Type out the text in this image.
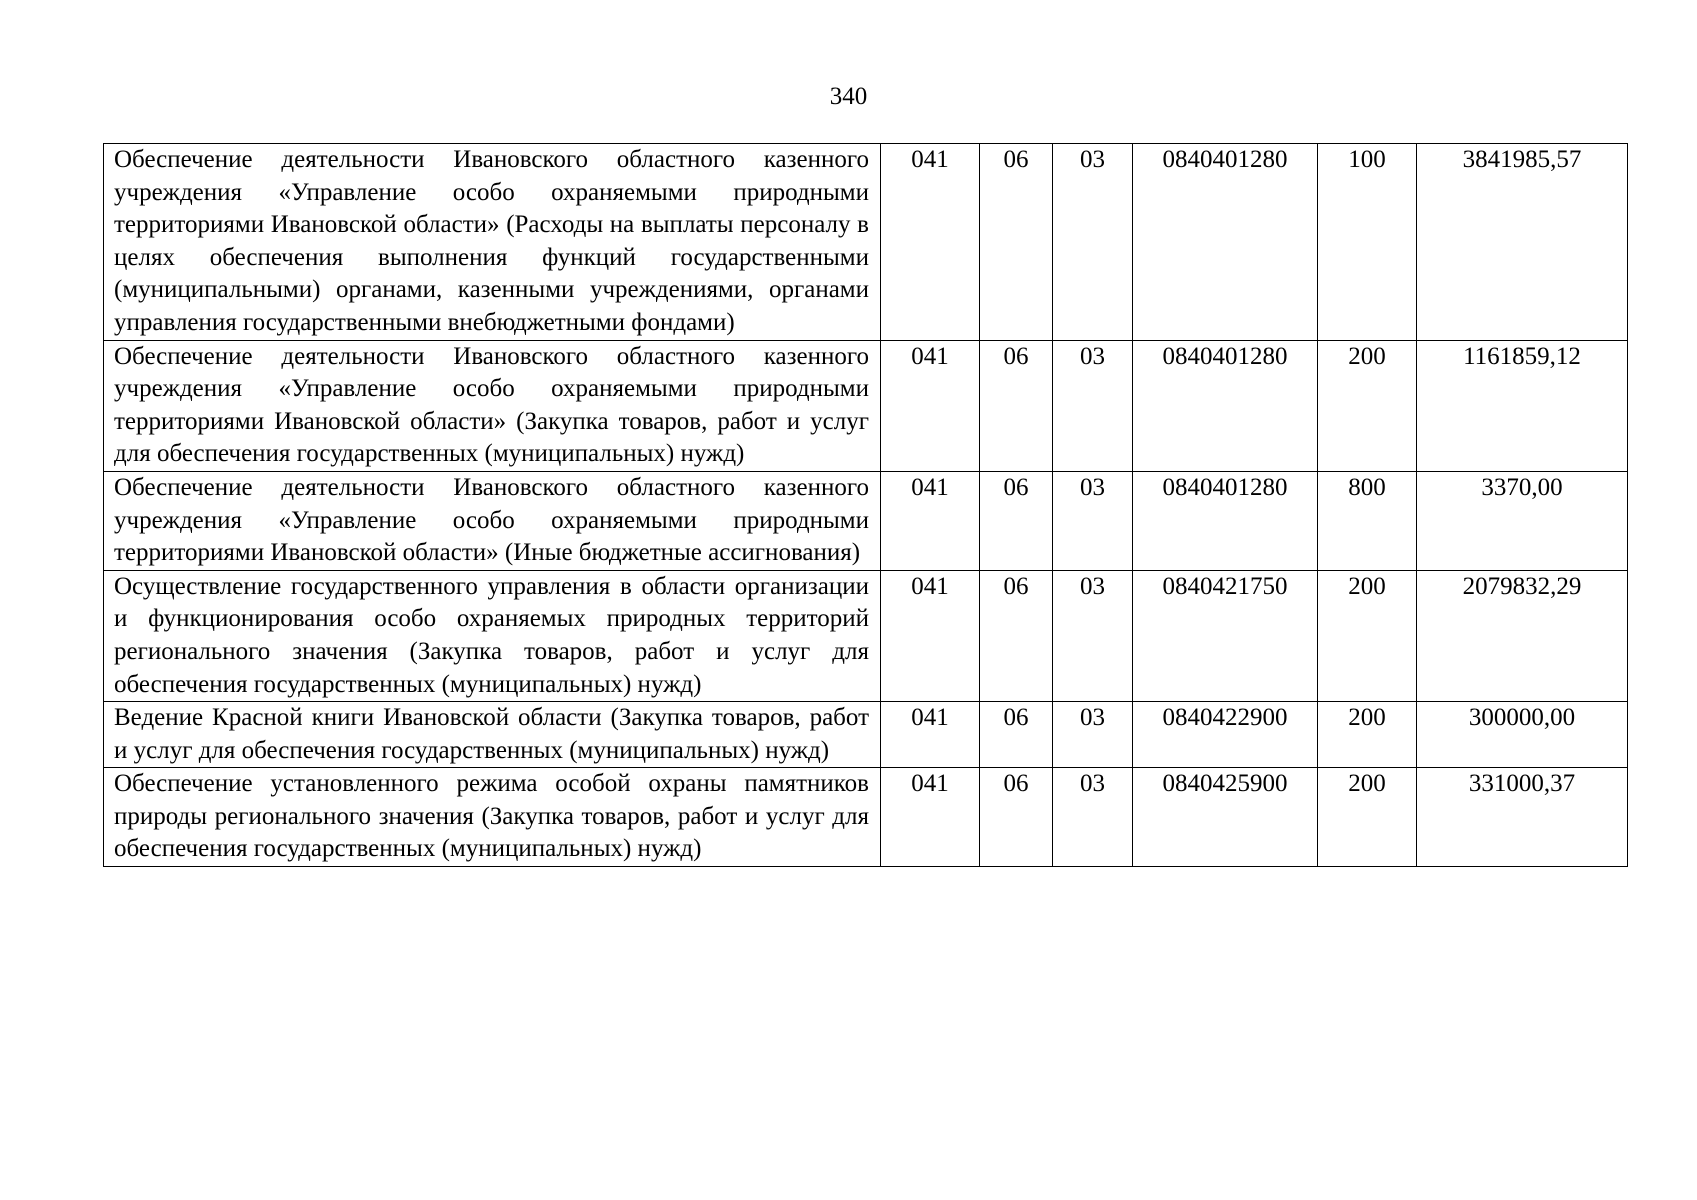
340
Обеспечение деятельности Ивановского областного казенного учреждения «Управление особо охраняемыми природными территориями Ивановской области» (Расходы на выплаты персоналу в целях обеспечения выполнения функций государственными (муниципальными) органами, казенными учреждениями, органами управления государственными внебюджетными фондами)	041	06	03	0840401280	100	3841985,57
Обеспечение деятельности Ивановского областного казенного учреждения «Управление особо охраняемыми природными территориями Ивановской области» (Закупка товаров, работ и услуг для обеспечения государственных (муниципальных) нужд)	041	06	03	0840401280	200	1161859,12
Обеспечение деятельности Ивановского областного казенного учреждения «Управление особо охраняемыми природными территориями Ивановской области» (Иные бюджетные ассигнования)	041	06	03	0840401280	800	3370,00
Осуществление государственного управления в области организации и функционирования особо охраняемых природных территорий регионального значения (Закупка товаров, работ и услуг для обеспечения государственных (муниципальных) нужд)	041	06	03	0840421750	200	2079832,29
Ведение Красной книги Ивановской области (Закупка товаров, работ и услуг для обеспечения государственных (муниципальных) нужд)	041	06	03	0840422900	200	300000,00
Обеспечение установленного режима особой охраны памятников природы регионального значения (Закупка товаров, работ и услуг для обеспечения государственных (муниципальных) нужд)	041	06	03	0840425900	200	331000,37
